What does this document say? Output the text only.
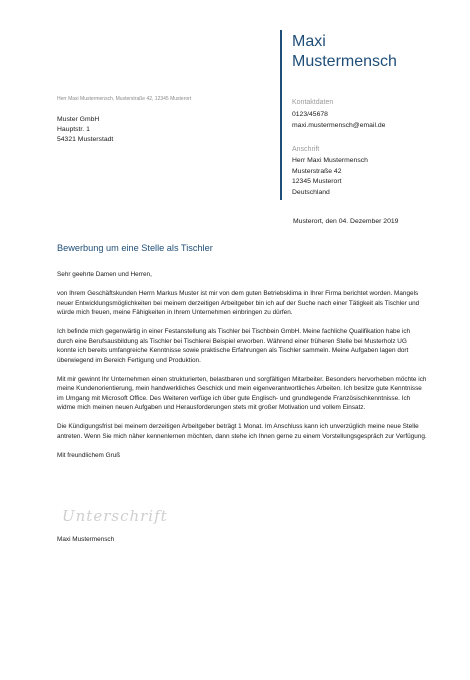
Maxi
Mustermensch
Herr Maxi Mustermensch, Musterstraße 42, 12345 Musterort
Muster GmbH
Hauptstr. 1
54321 Musterstadt
Kontaktdaten
0123/45678
maxi.mustermensch@email.de
Anschrift
Herr Maxi Mustermensch
Musterstraße 42
12345 Musterort
Deutschland
Musterort, den 04. Dezember 2019
Bewerbung um eine Stelle als Tischler

Sehr geehrte Damen und Herren,

von Ihrem Geschäftskunden Herrn Markus Muster ist mir von dem guten Betriebsklima in Ihrer Firma berichtet worden. Mangels neuer Entwicklungsmöglichkeiten bei meinem derzeitigen Arbeitgeber bin ich auf der Suche nach einer Tätigkeit als Tischler und würde mich freuen, meine Fähigkeiten in Ihrem Unternehmen einbringen zu dürfen.

Ich befinde mich gegenwärtig in einer Festanstellung als Tischler bei Tischbein GmbH. Meine fachliche Qualifikation habe ich durch eine Berufsausbildung als Tischler bei Tischlerei Beispiel erworben. Während einer früheren Stelle bei Musterholz UG konnte ich bereits umfangreiche Kenntnisse sowie praktische Erfahrungen als Tischler sammeln. Meine Aufgaben lagen dort überwiegend im Bereich Fertigung und Produktion.

Mit mir gewinnt Ihr Unternehmen einen strukturierten, belastbaren und sorgfältigen Mitarbeiter. Besonders hervorheben möchte ich meine Kundenorientierung, mein handwerkliches Geschick und mein eigenverantwortliches Arbeiten. Ich besitze gute Kenntnisse im Umgang mit Microsoft Office. Des Weiteren verfüge ich über gute Englisch- und grundlegende Französischkenntnisse. Ich widme mich meinen neuen Aufgaben und Herausforderungen stets mit großer Motivation und vollem Einsatz.

Die Kündigungsfrist bei meinem derzeitigen Arbeitgeber beträgt 1 Monat. Im Anschluss kann ich unverzüglich meine neue Stelle antreten. Wenn Sie mich näher kennenlernen möchten, dann stehe ich Ihnen gerne zu einem Vorstellungsgespräch zur Verfügung.

Mit freundlichem Gruß

Unterschrift
Maxi Mustermensch
